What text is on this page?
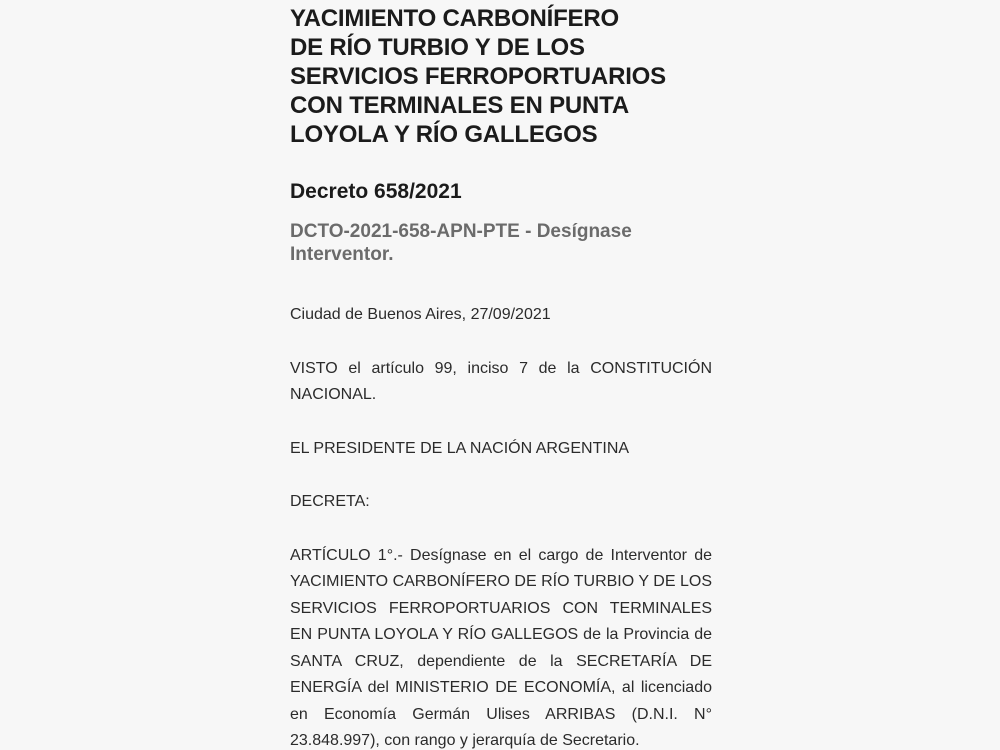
YACIMIENTO CARBONÍFERO
DE RÍO TURBIO Y DE LOS
SERVICIOS FERROPORTUARIOS
CON TERMINALES EN PUNTA
LOYOLA Y RÍO GALLEGOS
Decreto 658/2021
DCTO-2021-658-APN-PTE - Desígnase Interventor.

Ciudad de Buenos Aires, 27/09/2021

VISTO el artículo 99, inciso 7 de la CONSTITUCIÓN NACIONAL.

EL PRESIDENTE DE LA NACIÓN ARGENTINA

DECRETA:

ARTÍCULO 1°.- Desígnase en el cargo de Interventor de YACIMIENTO CARBONÍFERO DE RÍO TURBIO Y DE LOS SERVICIOS FERROPORTUARIOS CON TERMINALES EN PUNTA LOYOLA Y RÍO GALLEGOS de la Provincia de SANTA CRUZ, dependiente de la SECRETARÍA DE ENERGÍA del MINISTERIO DE ECONOMÍA, al licenciado en Economía Germán Ulises ARRIBAS (D.N.I. N° 23.848.997), con rango y jerarquía de Secretario.
